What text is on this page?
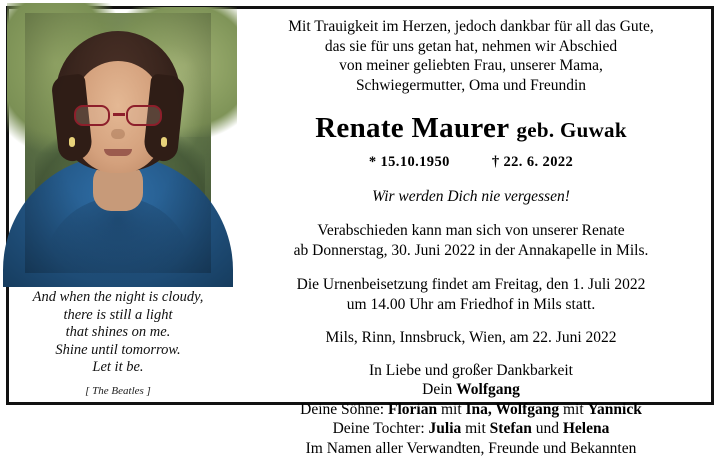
And when the night is cloudy,
there is still a light
that shines on me.
Shine until tomorrow.
Let it be.
[ The Beatles ]
Mit Trauigkeit im Herzen, jedoch dankbar für all das Gute,
das sie für uns getan hat, nehmen wir Abschied
von meiner geliebten Frau, unserer Mama,
Schwiegermutter, Oma und Freundin
Renate Maurer geb. Guwak
* 15.10.1950	† 22. 6. 2022
Wir werden Dich nie vergessen!
Verabschieden kann man sich von unserer Renate
ab Donnerstag, 30. Juni 2022 in der Annakapelle in Mils.
Die Urnenbeisetzung findet am Freitag, den 1. Juli 2022
um 14.00 Uhr am Friedhof in Mils statt.
Mils, Rinn, Innsbruck, Wien, am 22. Juni 2022
In Liebe und großer Dankbarkeit
Dein Wolfgang
Deine Söhne: Florian mit Ina, Wolfgang mit Yannick
Deine Tochter: Julia mit Stefan und Helena
Im Namen aller Verwandten, Freunde und Bekannten
